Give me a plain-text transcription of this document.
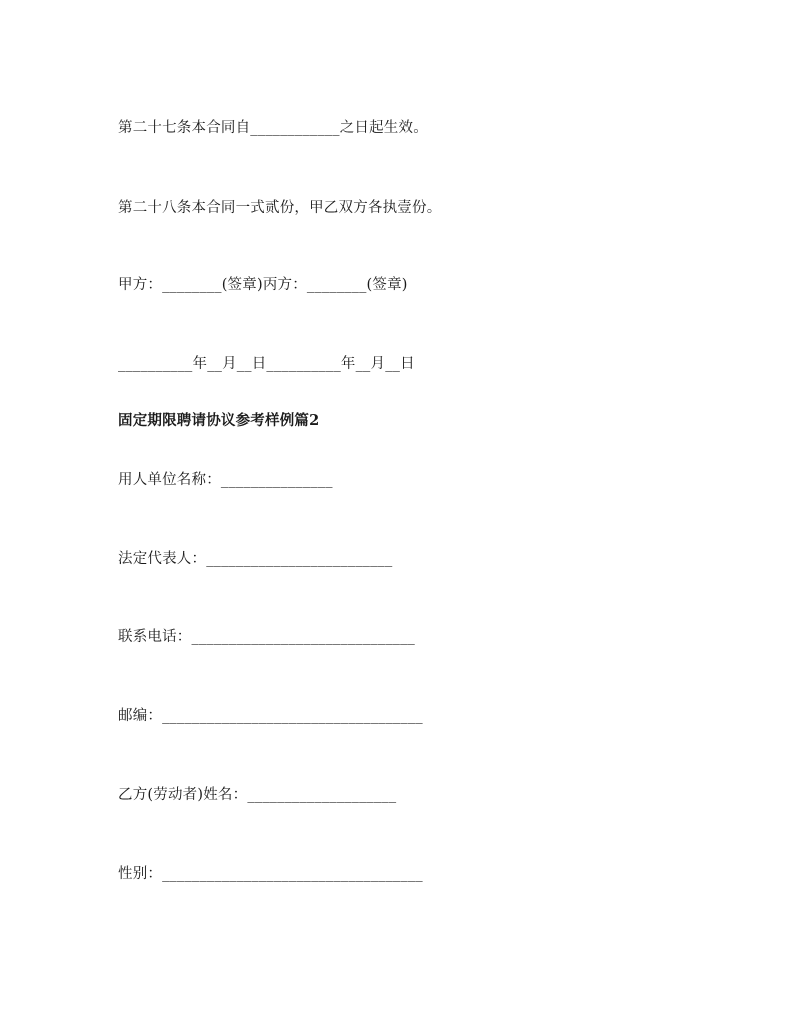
第二十七条本合同自____________之日起生效。
第二十八条本合同一式贰份，甲乙双方各执壹份。
甲方：________(签章)丙方：________(签章)
__________年__月__日__________年__月__日
固定期限聘请协议参考样例篇2
用人单位名称：_______________
法定代表人：_________________________
联系电话：______________________________
邮编：___________________________________
乙方(劳动者)姓名：____________________
性别：___________________________________
